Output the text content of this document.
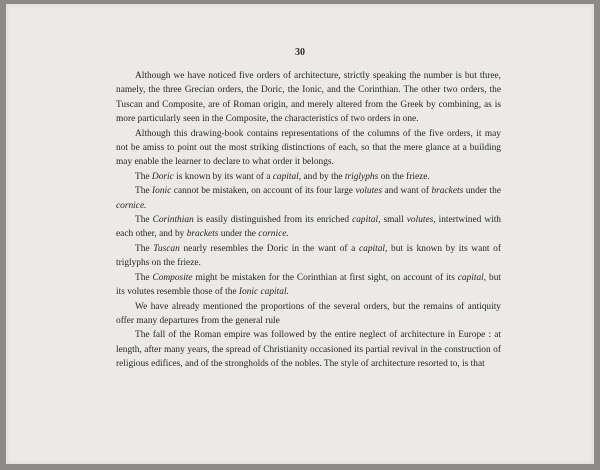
30

Although we have noticed five orders of architecture, strictly speaking the number is but three, namely, the three Grecian orders, the Doric, the Ionic, and the Corinthian. The other two orders, the Tuscan and Composite, are of Roman origin, and merely altered from the Greek by combining, as is more particularly seen in the Composite, the characteristics of two orders in one.

Although this drawing-book contains representations of the columns of the five orders, it may not be amiss to point out the most striking distinctions of each, so that the mere glance at a building may enable the learner to declare to what order it belongs.

The Doric is known by its want of a capital, and by the triglyphs on the frieze.

The Ionic cannot be mistaken, on account of its four large volutes and want of brackets under the cornice.

The Corinthian is easily distinguished from its enriched capital, small volutes, intertwined with each other, and by brackets under the cornice.

The Tuscan nearly resembles the Doric in the want of a capital, but is known by its want of triglyphs on the frieze.

The Composite might be mistaken for the Corinthian at first sight, on account of its capital, but its volutes resemble those of the Ionic capital.

We have already mentioned the proportions of the several orders, but the remains of antiquity offer many departures from the general rule

The fall of the Roman empire was followed by the entire neglect of architecture in Europe : at length, after many years, the spread of Christianity occasioned its partial revival in the construction of religious edifices, and of the strongholds of the nobles. The style of architecture resorted to, is that
